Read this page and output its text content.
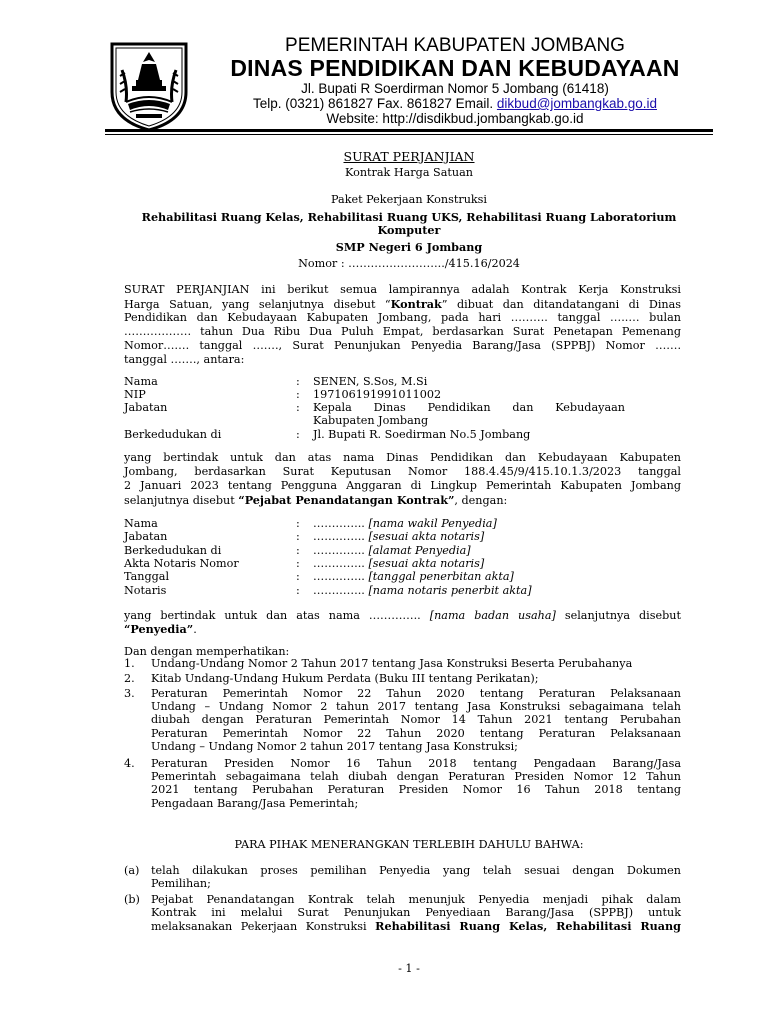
PEMERINTAH KABUPATEN JOMBANG
DINAS PENDIDIKAN DAN KEBUDAYAAN
Jl. Bupati R Soerdirman Nomor 5 Jombang (61418)
Telp. (0321) 861827 Fax. 861827 Email. dikbud@jombangkab.go.id
Website: http://disdikbud.jombangkab.go.id
SURAT PERJANJIAN
Kontrak Harga Satuan
Paket Pekerjaan Konstruksi
Rehabilitasi Ruang Kelas, Rehabilitasi Ruang UKS, Rehabilitasi Ruang Laboratorium
Komputer
SMP Negeri 6 Jombang
Nomor : ……………………../415.16/2024
SURAT PERJANJIAN ini berikut semua lampirannya adalah Kontrak Kerja Konstruksi
Harga Satuan, yang selanjutnya disebut “Kontrak” dibuat dan ditandatangani di Dinas
Pendidikan dan Kebudayaan Kabupaten Jombang, pada hari ………. tanggal …..… bulan
……………… tahun Dua Ribu Dua Puluh Empat, berdasarkan Surat Penetapan Pemenang
Nomor……. tanggal ……., Surat Penunjukan Penyedia Barang/Jasa (SPPBJ) Nomor …….
tanggal ……., antara:
Nama	: SENEN, S.Sos, M.Si
NIP	: 197106191991011002
Jabatan	: Kepala Dinas Pendidikan dan Kebudayaan
Kabupaten Jombang
Berkedudukan di	: Jl. Bupati R. Soedirman No.5 Jombang
yang bertindak untuk dan atas nama Dinas Pendidikan dan Kebudayaan Kabupaten
Jombang, berdasarkan Surat Keputusan Nomor 188.4.45/9/415.10.1.3/2023 tanggal
2 Januari 2023 tentang Pengguna Anggaran di Lingkup Pemerintah Kabupaten Jombang
selanjutnya disebut “Pejabat Penandatangan Kontrak”, dengan:
Nama	: ………….. [nama wakil Penyedia]
Jabatan	: ………….. [sesuai akta notaris]
Berkedudukan di	: ………….. [alamat Penyedia]
Akta Notaris Nomor	: ………….. [sesuai akta notaris]
Tanggal	: ………….. [tanggal penerbitan akta]
Notaris	: ………….. [nama notaris penerbit akta]
yang bertindak untuk dan atas nama ………….. [nama badan usaha] selanjutnya disebut
“Penyedia”.
Dan dengan memperhatikan:
1. Undang-Undang Nomor 2 Tahun 2017 tentang Jasa Konstruksi Beserta Perubahanya
2. Kitab Undang-Undang Hukum Perdata (Buku III tentang Perikatan);
3. Peraturan Pemerintah Nomor 22 Tahun 2020 tentang Peraturan Pelaksanaan
Undang – Undang Nomor 2 tahun 2017 tentang Jasa Konstruksi sebagaimana telah
diubah dengan Peraturan Pemerintah Nomor 14 Tahun 2021 tentang Perubahan
Peraturan Pemerintah Nomor 22 Tahun 2020 tentang Peraturan Pelaksanaan
Undang – Undang Nomor 2 tahun 2017 tentang Jasa Konstruksi;
4. Peraturan Presiden Nomor 16 Tahun 2018 tentang Pengadaan Barang/Jasa
Pemerintah sebagaimana telah diubah dengan Peraturan Presiden Nomor 12 Tahun
2021 tentang Perubahan Peraturan Presiden Nomor 16 Tahun 2018 tentang
Pengadaan Barang/Jasa Pemerintah;
PARA PIHAK MENERANGKAN TERLEBIH DAHULU BAHWA:
(a) telah dilakukan proses pemilihan Penyedia yang telah sesuai dengan Dokumen
Pemilihan;
(b) Pejabat Penandatangan Kontrak telah menunjuk Penyedia menjadi pihak dalam
Kontrak ini melalui Surat Penunjukan Penyediaan Barang/Jasa (SPPBJ) untuk
melaksanakan Pekerjaan Konstruksi Rehabilitasi Ruang Kelas, Rehabilitasi Ruang
- 1 -
